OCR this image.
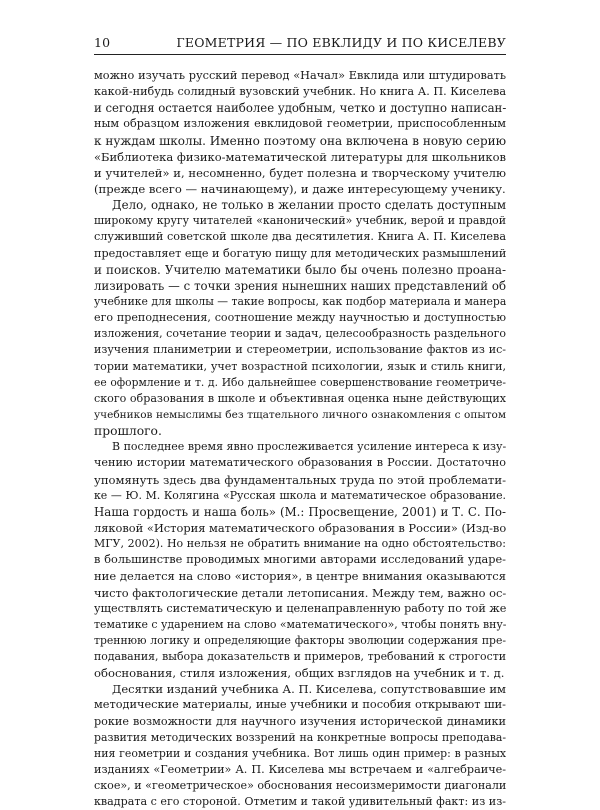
10	ГЕОМЕТРИЯ — ПО ЕВКЛИДУ И ПО КИСЕЛЕВУ
можно изучать русский перевод «Начал» Евклида или штудировать
какой-нибудь солидный вузовский учебник. Но книга А. П. Киселева
и сегодня остается наиболее удобным, четко и доступно написан-
ным образцом изложения евклидовой геометрии, приспособленным
к нуждам школы. Именно поэтому она включена в новую серию
«Библиотека физико-математической литературы для школьников
и учителей» и, несомненно, будет полезна и творческому учителю
(прежде всего — начинающему), и даже интересующему ученику.
Дело, однако, не только в желании просто сделать доступным
широкому кругу читателей «канонический» учебник, верой и правдой
служивший советской школе два десятилетия. Книга А. П. Киселева
предоставляет еще и богатую пищу для методических размышлений
и поисков. Учителю математики было бы очень полезно проана-
лизировать — с точки зрения нынешних наших представлений об
учебнике для школы — такие вопросы, как подбор материала и манера
его преподнесения, соотношение между научностью и доступностью
изложения, сочетание теории и задач, целесообразность раздельного
изучения планиметрии и стереометрии, использование фактов из ис-
тории математики, учет возрастной психологии, язык и стиль книги,
ее оформление и т. д. Ибо дальнейшее совершенствование геометриче-
ского образования в школе и объективная оценка ныне действующих
учебников немыслимы без тщательного личного ознакомления с опытом
прошлого.
В последнее время явно прослеживается усиление интереса к изу-
чению истории математического образования в России. Достаточно
упомянуть здесь два фундаментальных труда по этой проблемати-
ке — Ю. М. Колягина «Русская школа и математическое образование.
Наша гордость и наша боль» (М.: Просвещение, 2001) и Т. С. По-
ляковой «История математического образования в России» (Изд-во
МГУ, 2002). Но нельзя не обратить внимание на одно обстоятельство:
в большинстве проводимых многими авторами исследований ударе-
ние делается на слово «история», в центре внимания оказываются
чисто фактологические детали летописания. Между тем, важно ос-
уществлять систематическую и целенаправленную работу по той же
тематике с ударением на слово «математического», чтобы понять вну-
треннюю логику и определяющие факторы эволюции содержания пре-
подавания, выбора доказательств и примеров, требований к строгости
обоснования, стиля изложения, общих взглядов на учебник и т. д.
Десятки изданий учебника А. П. Киселева, сопутствовавшие им
методические материалы, иные учебники и пособия открывают ши-
рокие возможности для научного изучения исторической динамики
развития методических воззрений на конкретные вопросы преподава-
ния геометрии и создания учебника. Вот лишь один пример: в разных
изданиях «Геометрии» А. П. Киселева мы встречаем и «алгебраиче-
ское», и «геометрическое» обоснования несоизмеримости диагонали
квадрата с его стороной. Отметим и такой удивительный факт: из из-
